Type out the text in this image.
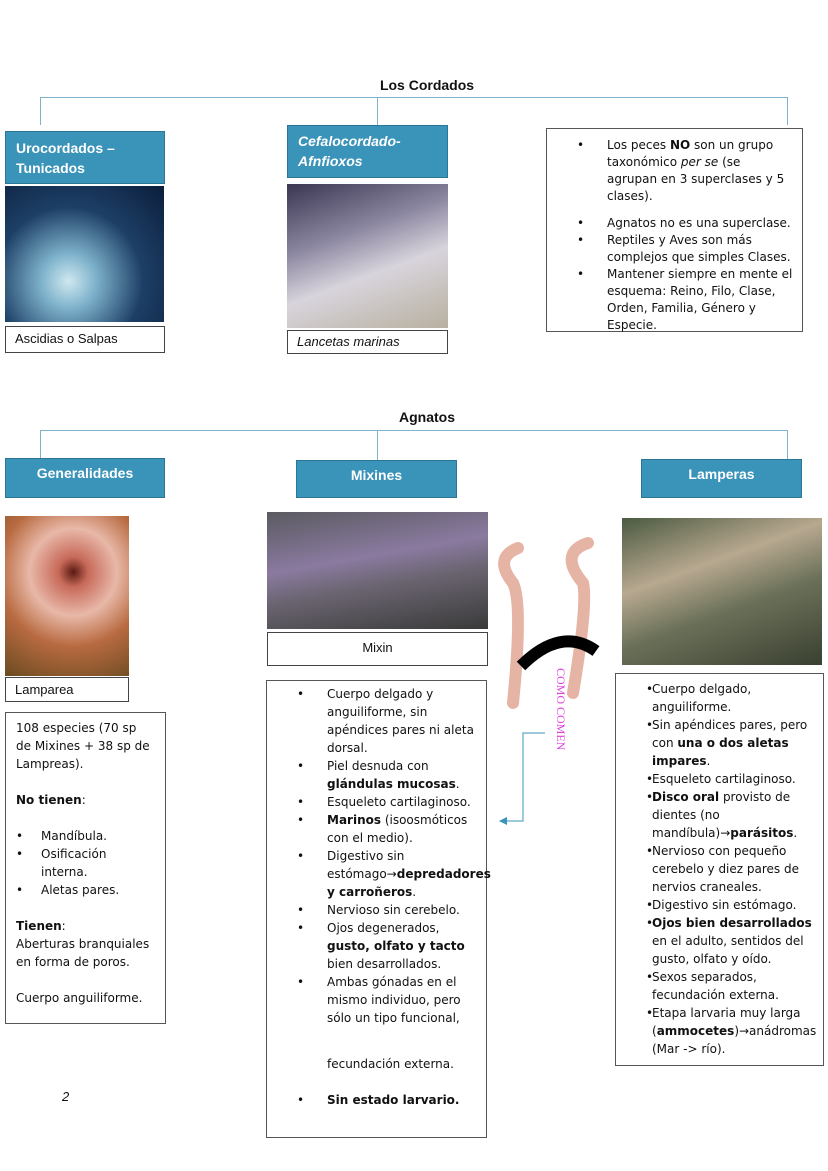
Los Cordados
Urocordados – Tunicados
Ascidias o Salpas
Cefalocordado-Afnfioxos
Lancetas marinas
• Los peces NO son un grupo taxonómico per se (se agrupan en 3 superclases y 5 clases).
• Agnatos no es una superclase.
• Reptiles y Aves son más complejos que simples Clases.
• Mantener siempre en mente el esquema: Reino, Filo, Clase, Orden, Familia, Género y Especie.
Agnatos
Generalidades	Mixines	Lamperas
Lamparea
108 especies (70 sp de Mixines + 38 sp de Lampreas).
No tienen:
• Mandíbula.
• Osificación interna.
• Aletas pares.
Tienen:
Aberturas branquiales en forma de poros.
Cuerpo anguiliforme.
Mixin
COMO COMEN
• Cuerpo delgado y anguiliforme, sin apéndices pares ni aleta dorsal.
• Piel desnuda con glándulas mucosas.
• Esqueleto cartilaginoso.
• Marinos (isoosmóticos con el medio).
• Digestivo sin estómago→depredadores y carroñeros.
• Nervioso sin cerebelo.
• Ojos degenerados, gusto, olfato y tacto bien desarrollados.
• Ambas gónadas en el mismo individuo, pero sólo un tipo funcional,
fecundación externa.
• Sin estado larvario.
• Cuerpo delgado, anguiliforme.
• Sin apéndices pares, pero con una o dos aletas impares.
• Esqueleto cartilaginoso.
• Disco oral provisto de dientes (no mandíbula)→parásitos.
• Nervioso con pequeño cerebelo y diez pares de nervios craneales.
• Digestivo sin estómago.
• Ojos bien desarrollados en el adulto, sentidos del gusto, olfato y oído.
• Sexos separados, fecundación externa.
• Etapa larvaria muy larga (ammocetes)→anádromas (Mar -> río).
2
